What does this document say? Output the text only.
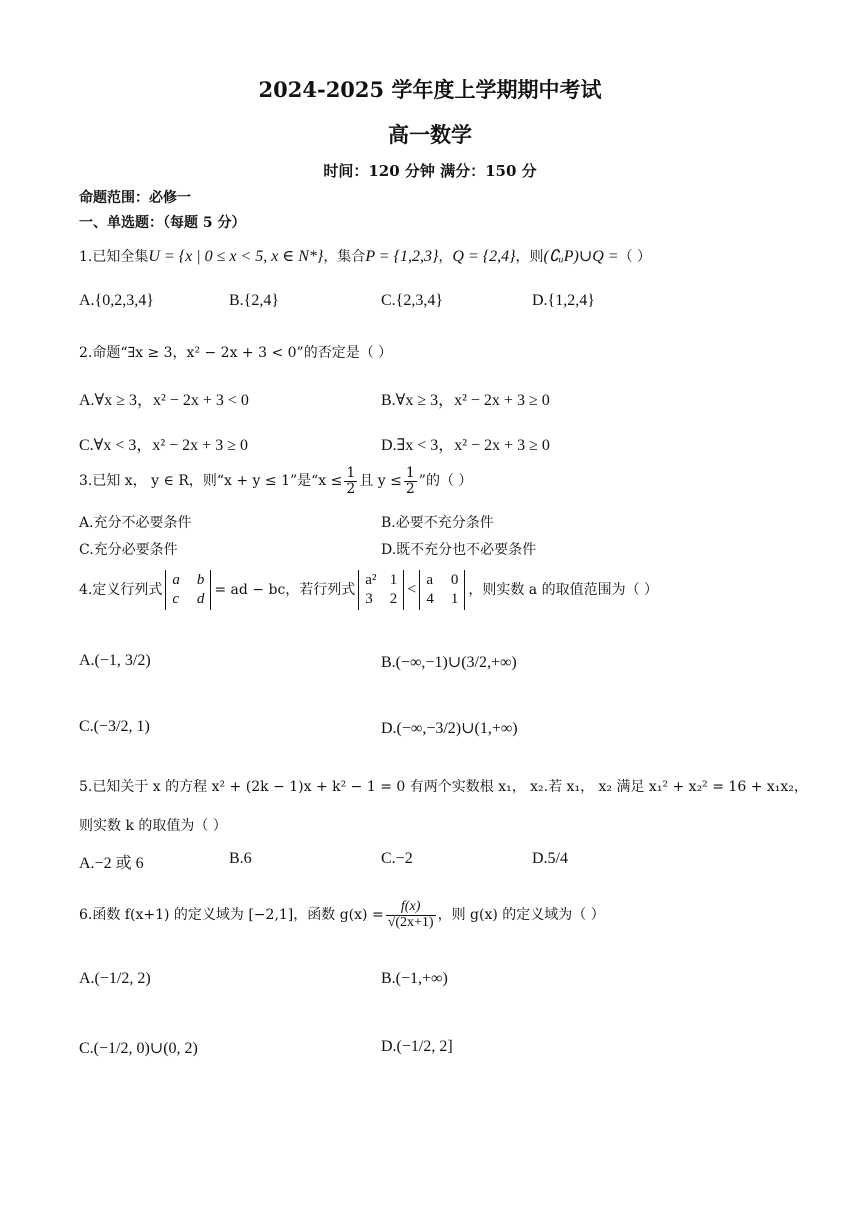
2024-2025 学年度上学期期中考试
高一数学
时间：120 分钟 满分：150 分
命题范围：必修一
一、单选题：（每题 5 分）
1.已知全集U = {x | 0 ≤ x < 5, x ∈ N*}，集合P = {1,2,3}，Q = {2,4}，则(∁ᵤP)∪Q =（ ）
A.{0,2,3,4}	B.{2,4}	C.{2,3,4}	D.{1,2,4}
2.命题“∃x ≥ 3，x² − 2x + 3 < 0”的否定是（ ）
A.∀x ≥ 3，x² − 2x + 3 < 0	B.∀x ≥ 3，x² − 2x + 3 ≥ 0
C.∀x < 3，x² − 2x + 3 ≥ 0	D.∃x < 3，x² − 2x + 3 ≥ 0
3.已知 x， y ∈ R，则“x + y ≤ 1”是“$x \le \frac{1}{2}$ 且 $y \le \frac{1}{2}$ ”的（ ）
A.充分不必要条件	B.必要不充分条件
C.充分必要条件	D.既不充分也不必要条件
4.定义行列式a b
c d= ad − bc，若行列式a² 1
3 2<a 0
4 1，则实数 a 的取值范围为（ ）
A.(−1, 3/2)	B.(−∞,−1)∪(3/2,+∞)
C.(−3/2, 1)	D.(−∞,−3/2)∪(1,+∞)
5.已知关于 x 的方程 x² + (2k − 1)x + k² − 1 = 0 有两个实数根 x₁， x₂.若 x₁， x₂ 满足 x₁² + x₂² = 16 + x₁x₂，
则实数 k 的取值为（ ）
A.−2 或 6	B.6	C.−2	D.5/4
6.函数 f(x+1) 的定义域为 [−2,1]，函数 $g(x) = \frac{f(x)}{√(2x+1)}$ ，则 g(x) 的定义域为（ ）
A.(−1/2, 2)	B.(−1,+∞)
C.(−1/2, 0)∪(0, 2)	D.(−1/2, 2]
